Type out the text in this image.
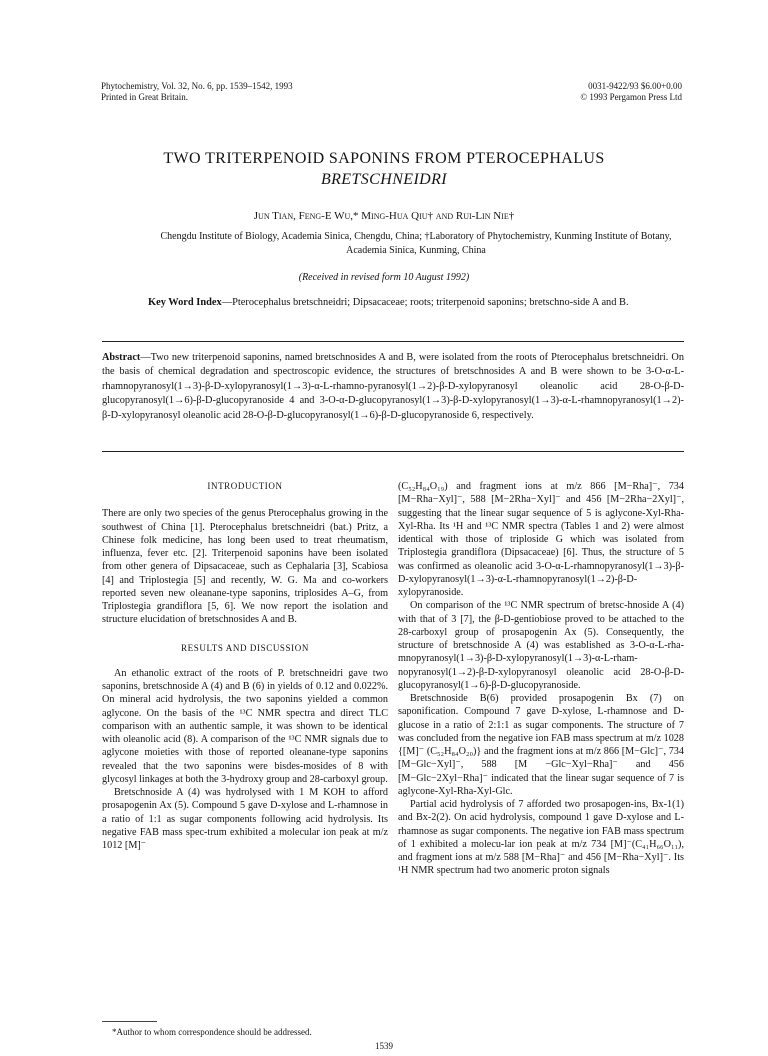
Phytochemistry, Vol. 32, No. 6, pp. 1539–1542, 1993
Printed in Great Britain.
0031-9422/93 $6.00+0.00
© 1993 Pergamon Press Ltd
TWO TRITERPENOID SAPONINS FROM PTEROCEPHALUS
BRETSCHNEIDRI
Jun Tian, Feng-E Wu,* Ming-Hua Qiu† and Rui-Lin Nie†
Chengdu Institute of Biology, Academia Sinica, Chengdu, China; †Laboratory of Phytochemistry, Kunming Institute of Botany,
Academia Sinica, Kunming, China
(Received in revised form 10 August 1992)
Key Word Index—Pterocephalus bretschneidri; Dipsacaceae; roots; triterpenoid saponins; bretschno-side A and B.
Abstract—Two new triterpenoid saponins, named bretschnosides A and B, were isolated from the roots of Pterocephalus bretschneidri. On the basis of chemical degradation and spectroscopic evidence, the structures of bretschnosides A and B were shown to be 3-O-α-L-rhamnopyranosyl(1→3)-β-D-xylopyranosyl(1→3)-α-L-rhamno-pyranosyl(1→2)-β-D-xylopyranosyl oleanolic acid 28-O-β-D-glucopyranosyl(1→6)-β-D-glucopyranoside 4 and 3-O-α-D-glucopyranosyl(1→3)-β-D-xylopyranosyl(1→3)-α-L-rhamnopyranosyl(1→2)-β-D-xylopyranosyl oleanolic acid 28-O-β-D-glucopyranosyl(1→6)-β-D-glucopyranoside 6, respectively.
INTRODUCTION

There are only two species of the genus Pterocephalus growing in the southwest of China [1]. Pterocephalus bretschneidri (bat.) Pritz, a Chinese folk medicine, has long been used to treat rheumatism, influenza, fever etc. [2]. Triterpenoid saponins have been isolated from other genera of Dipsacaceae, such as Cephalaria [3], Scabiosa [4] and Triplostegia [5] and recently, W. G. Ma and co-workers reported seven new oleanane-type saponins, triplosides A–G, from Triplostegia grandiflora [5, 6]. We now report the isolation and structure elucidation of bretschnosides A and B.

RESULTS AND DISCUSSION

An ethanolic extract of the roots of P. bretschneidri gave two saponins, bretschnoside A (4) and B (6) in yields of 0.12 and 0.022%. On mineral acid hydrolysis, the two saponins yielded a common aglycone. On the basis of the ¹³C NMR spectra and direct TLC comparison with an authentic sample, it was shown to be identical with oleanolic acid (8). A comparison of the ¹³C NMR signals due to aglycone moieties with those of reported oleanane-type saponins revealed that the two saponins were bisdes-mosides of 8 with glycosyl linkages at both the 3-hydroxy group and 28-carboxyl group.

Bretschnoside A (4) was hydrolysed with 1 M KOH to afford prosapogenin Ax (5). Compound 5 gave D-xylose and L-rhamnose in a ratio of 1:1 as sugar components following acid hydrolysis. Its negative FAB mass spec-trum exhibited a molecular ion peak at m/z 1012 [M]⁻

*Author to whom correspondence should be addressed.

(C₅₂H₈₄O₁₉) and fragment ions at m/z 866 [M−Rha]⁻, 734 [M−Rha−Xyl]⁻, 588 [M−2Rha−Xyl]⁻ and 456 [M−2Rha−2Xyl]⁻, suggesting that the linear sugar sequence of 5 is aglycone-Xyl-Rha-Xyl-Rha. Its ¹H and ¹³C NMR spectra (Tables 1 and 2) were almost identical with those of triploside G which was isolated from Triplostegia grandiflora (Dipsacaceae) [6]. Thus, the structure of 5 was confirmed as oleanolic acid 3-O-α-L-rhamnopyranosyl(1→3)-β-D-xylopyranosyl(1→3)-α-L-rhamnopyranosyl(1→2)-β-D-xylopyranoside.

On comparison of the ¹³C NMR spectrum of bretsc-hnoside A (4) with that of 3 [7], the β-D-gentiobiose proved to be attached to the 28-carboxyl group of prosapogenin Ax (5). Consequently, the structure of bretschnoside A (4) was established as 3-O-α-L-rha-mnopyranosyl(1→3)-β-D-xylopyranosyl(1→3)-α-L-rham-nopyranosyl(1→2)-β-D-xylopyranosyl oleanolic acid 28-O-β-D-glucopyranosyl(1→6)-β-D-glucopyranoside.

Bretschnoside B(6) provided prosapogenin Bx (7) on saponification. Compound 7 gave D-xylose, L-rhamnose and D-glucose in a ratio of 2:1:1 as sugar components. The structure of 7 was concluded from the negative ion FAB mass spectrum at m/z 1028 {[M]⁻ (C₅₂H₈₄O₂₀)} and the fragment ions at m/z 866 [M−Glc]⁻, 734 [M−Glc−Xyl]⁻, 588 [M −Glc−Xyl−Rha]⁻ and 456 [M−Glc−2Xyl−Rha]⁻ indicated that the linear sugar sequence of 7 is aglycone-Xyl-Rha-Xyl-Glc.

Partial acid hydrolysis of 7 afforded two prosapogen-ins, Bx-1(1) and Bx-2(2). On acid hydrolysis, compound 1 gave D-xylose and L-rhamnose as sugar components. The negative ion FAB mass spectrum of 1 exhibited a molecu-lar ion peak at m/z 734 [M]⁻(C₄₁H₆₆O₁₁), and fragment ions at m/z 588 [M−Rha]⁻ and 456 [M−Rha−Xyl]⁻. Its ¹H NMR spectrum had two anomeric proton signals

1539
